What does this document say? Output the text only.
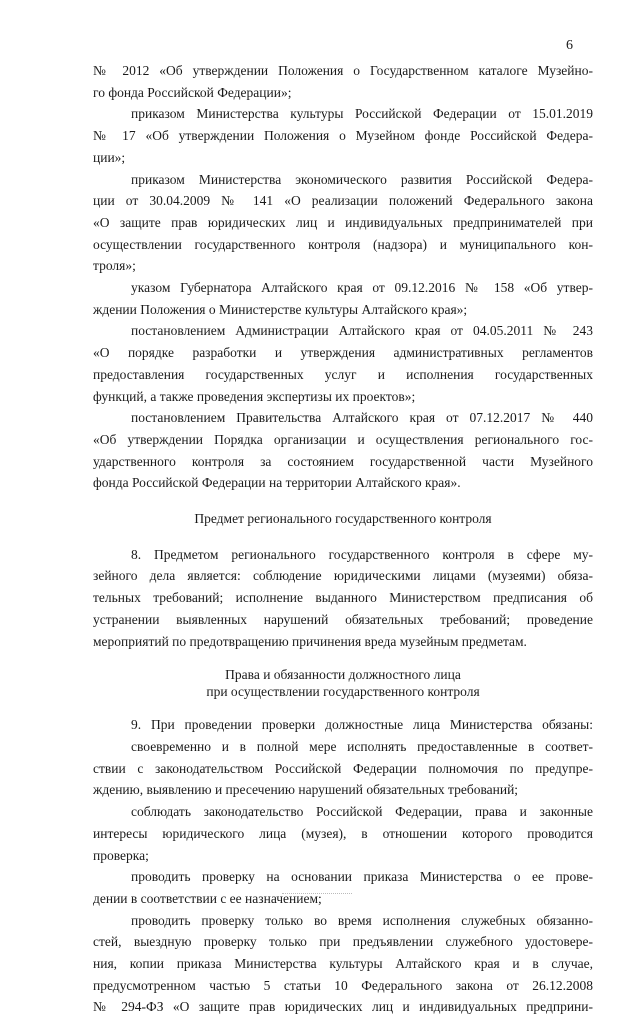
6

№ 2012 «Об утверждении Положения о Государственном каталоге Музейно-

го фонда Российской Федерации»;

приказом Министерства культуры Российской Федерации от 15.01.2019

№ 17 «Об утверждении Положения о Музейном фонде Российской Федера-

ции»;

приказом Министерства экономического развития Российской Федера-

ции от 30.04.2009 № 141 «О реализации положений Федерального закона

«О защите прав юридических лиц и индивидуальных предпринимателей при

осуществлении государственного контроля (надзора) и муниципального кон-

троля»;

указом Губернатора Алтайского края от 09.12.2016 № 158 «Об утвер-

ждении Положения о Министерстве культуры Алтайского края»;

постановлением Администрации Алтайского края от 04.05.2011 № 243

«О порядке разработки и утверждения административных регламентов

предоставления государственных услуг и исполнения государственных

функций, а также проведения экспертизы их проектов»;

постановлением Правительства Алтайского края от 07.12.2017 № 440

«Об утверждении Порядка организации и осуществления регионального гос-

ударственного контроля за состоянием государственной части Музейного

фонда Российской Федерации на территории Алтайского края».

Предмет регионального государственного контроля

8. Предметом регионального государственного контроля в сфере му-

зейного дела является: соблюдение юридическими лицами (музеями) обяза-

тельных требований; исполнение выданного Министерством предписания об

устранении выявленных нарушений обязательных требований; проведение

мероприятий по предотвращению причинения вреда музейным предметам.

Права и обязанности должностного лица

при осуществлении государственного контроля

9. При проведении проверки должностные лица Министерства обязаны:

своевременно и в полной мере исполнять предоставленные в соответ-

ствии с законодательством Российской Федерации полномочия по предупре-

ждению, выявлению и пресечению нарушений обязательных требований;

соблюдать законодательство Российской Федерации, права и законные

интересы юридического лица (музея), в отношении которого проводится

проверка;

проводить проверку на основании приказа Министерства о ее прове-

дении в соответствии с ее назначением;

проводить проверку только во время исполнения служебных обязанно-

стей, выездную проверку только при предъявлении служебного удостовере-

ния, копии приказа Министерства культуры Алтайского края и в случае,

предусмотренном частью 5 статьи 10 Федерального закона от 26.12.2008

№ 294-ФЗ «О защите прав юридических лиц и индивидуальных предприни-
